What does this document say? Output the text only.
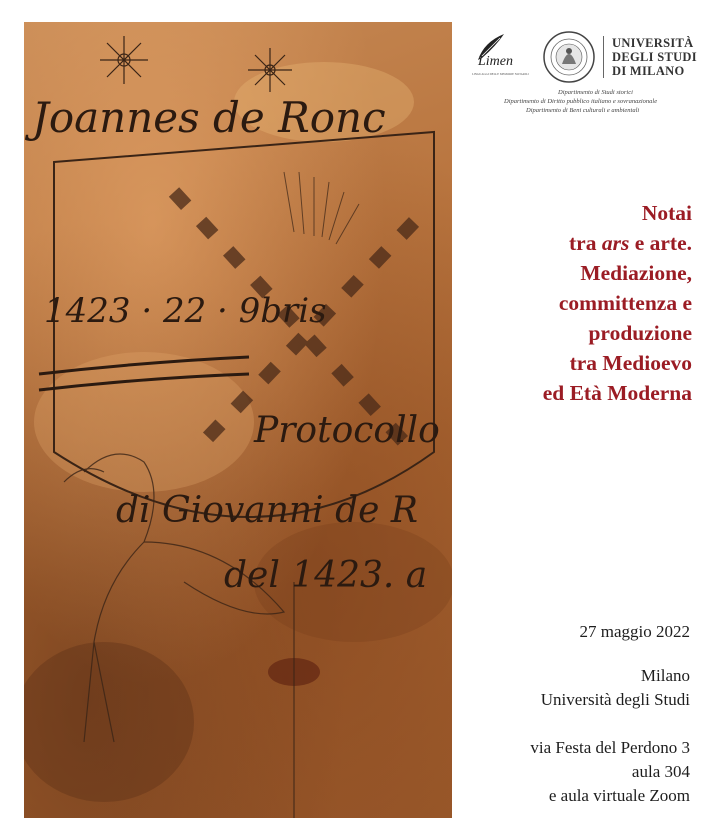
Joannes de Ronc
1423 · 22 · 9bris
Protocollo
di Giovanni de R
del 1423. a
Limen
LINGUAGGI DELLE MEMORIE NOTARILI
UNIVERSITÀ
DEGLI STUDI
DI MILANO
Dipartimento di Studi storici
Dipartimento di Diritto pubblico italiano e sovranazionale
Dipartimento di Beni culturali e ambientali
Notai
tra ars e arte.
Mediazione,
committenza e
produzione
tra Medioevo
ed Età Moderna
27 maggio 2022
Milano
Università degli Studi
via Festa del Perdono 3
aula 304
e aula virtuale Zoom
